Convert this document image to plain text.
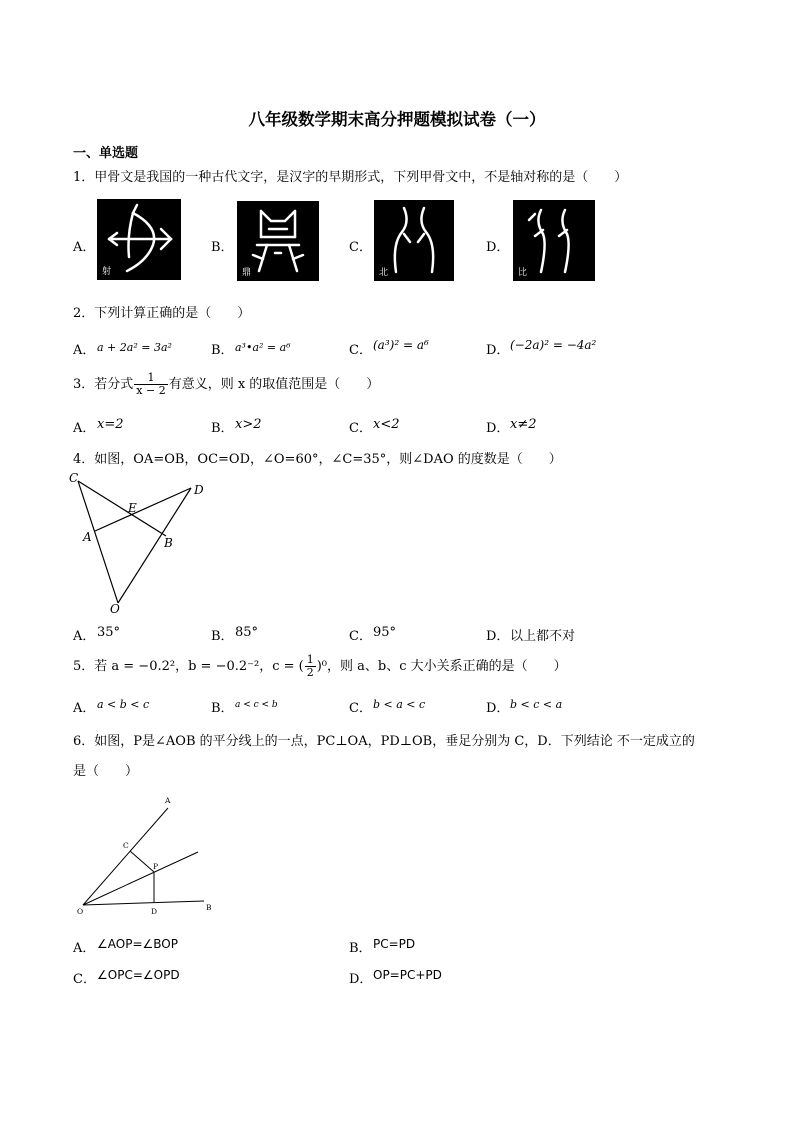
八年级数学期末高分押题模拟试卷（一）
一、单选题
1．甲骨文是我国的一种古代文字，是汉字的早期形式，下列甲骨文中，不是轴对称的是（　　）
A．
射
B．
鼎
C．
北
D．
比
2．下列计算正确的是（　　）
A． a + 2a² = 3a²	B． a³•a² = a⁶	C． (a³)² = a⁶	D． (−2a)² = −4a²
3．若分式 $\frac{1}{x - 2}$ 有意义，则 x 的取值范围是（　　）
A． x=2	B． x>2	C． x<2	D． x≠2
4．如图，OA=OB，OC=OD，∠O=60°，∠C=35°，则∠DAO 的度数是（　　）
C
D
E
A	B
O
A． 35°	B． 85°	C． 95°	D． 以上都不对
5．若 a = −0.2²，b = −0.2⁻²，c = ( $\frac{1}{2} )^0$，则 a、b、c 大小关系正确的是（　　）
A． a < b < c	B． a < c < b	C． b < a < c	D． b < c < a
6．如图，P是∠AOB 的平分线上的一点，PC⊥OA，PD⊥OB，垂足分别为 C，D．下列结论 不一定成立的
是（　　）
A
C
P
O	D	B
A． ∠AOP=∠BOP	B． PC=PD
C． ∠OPC=∠OPD	D． OP=PC+PD
